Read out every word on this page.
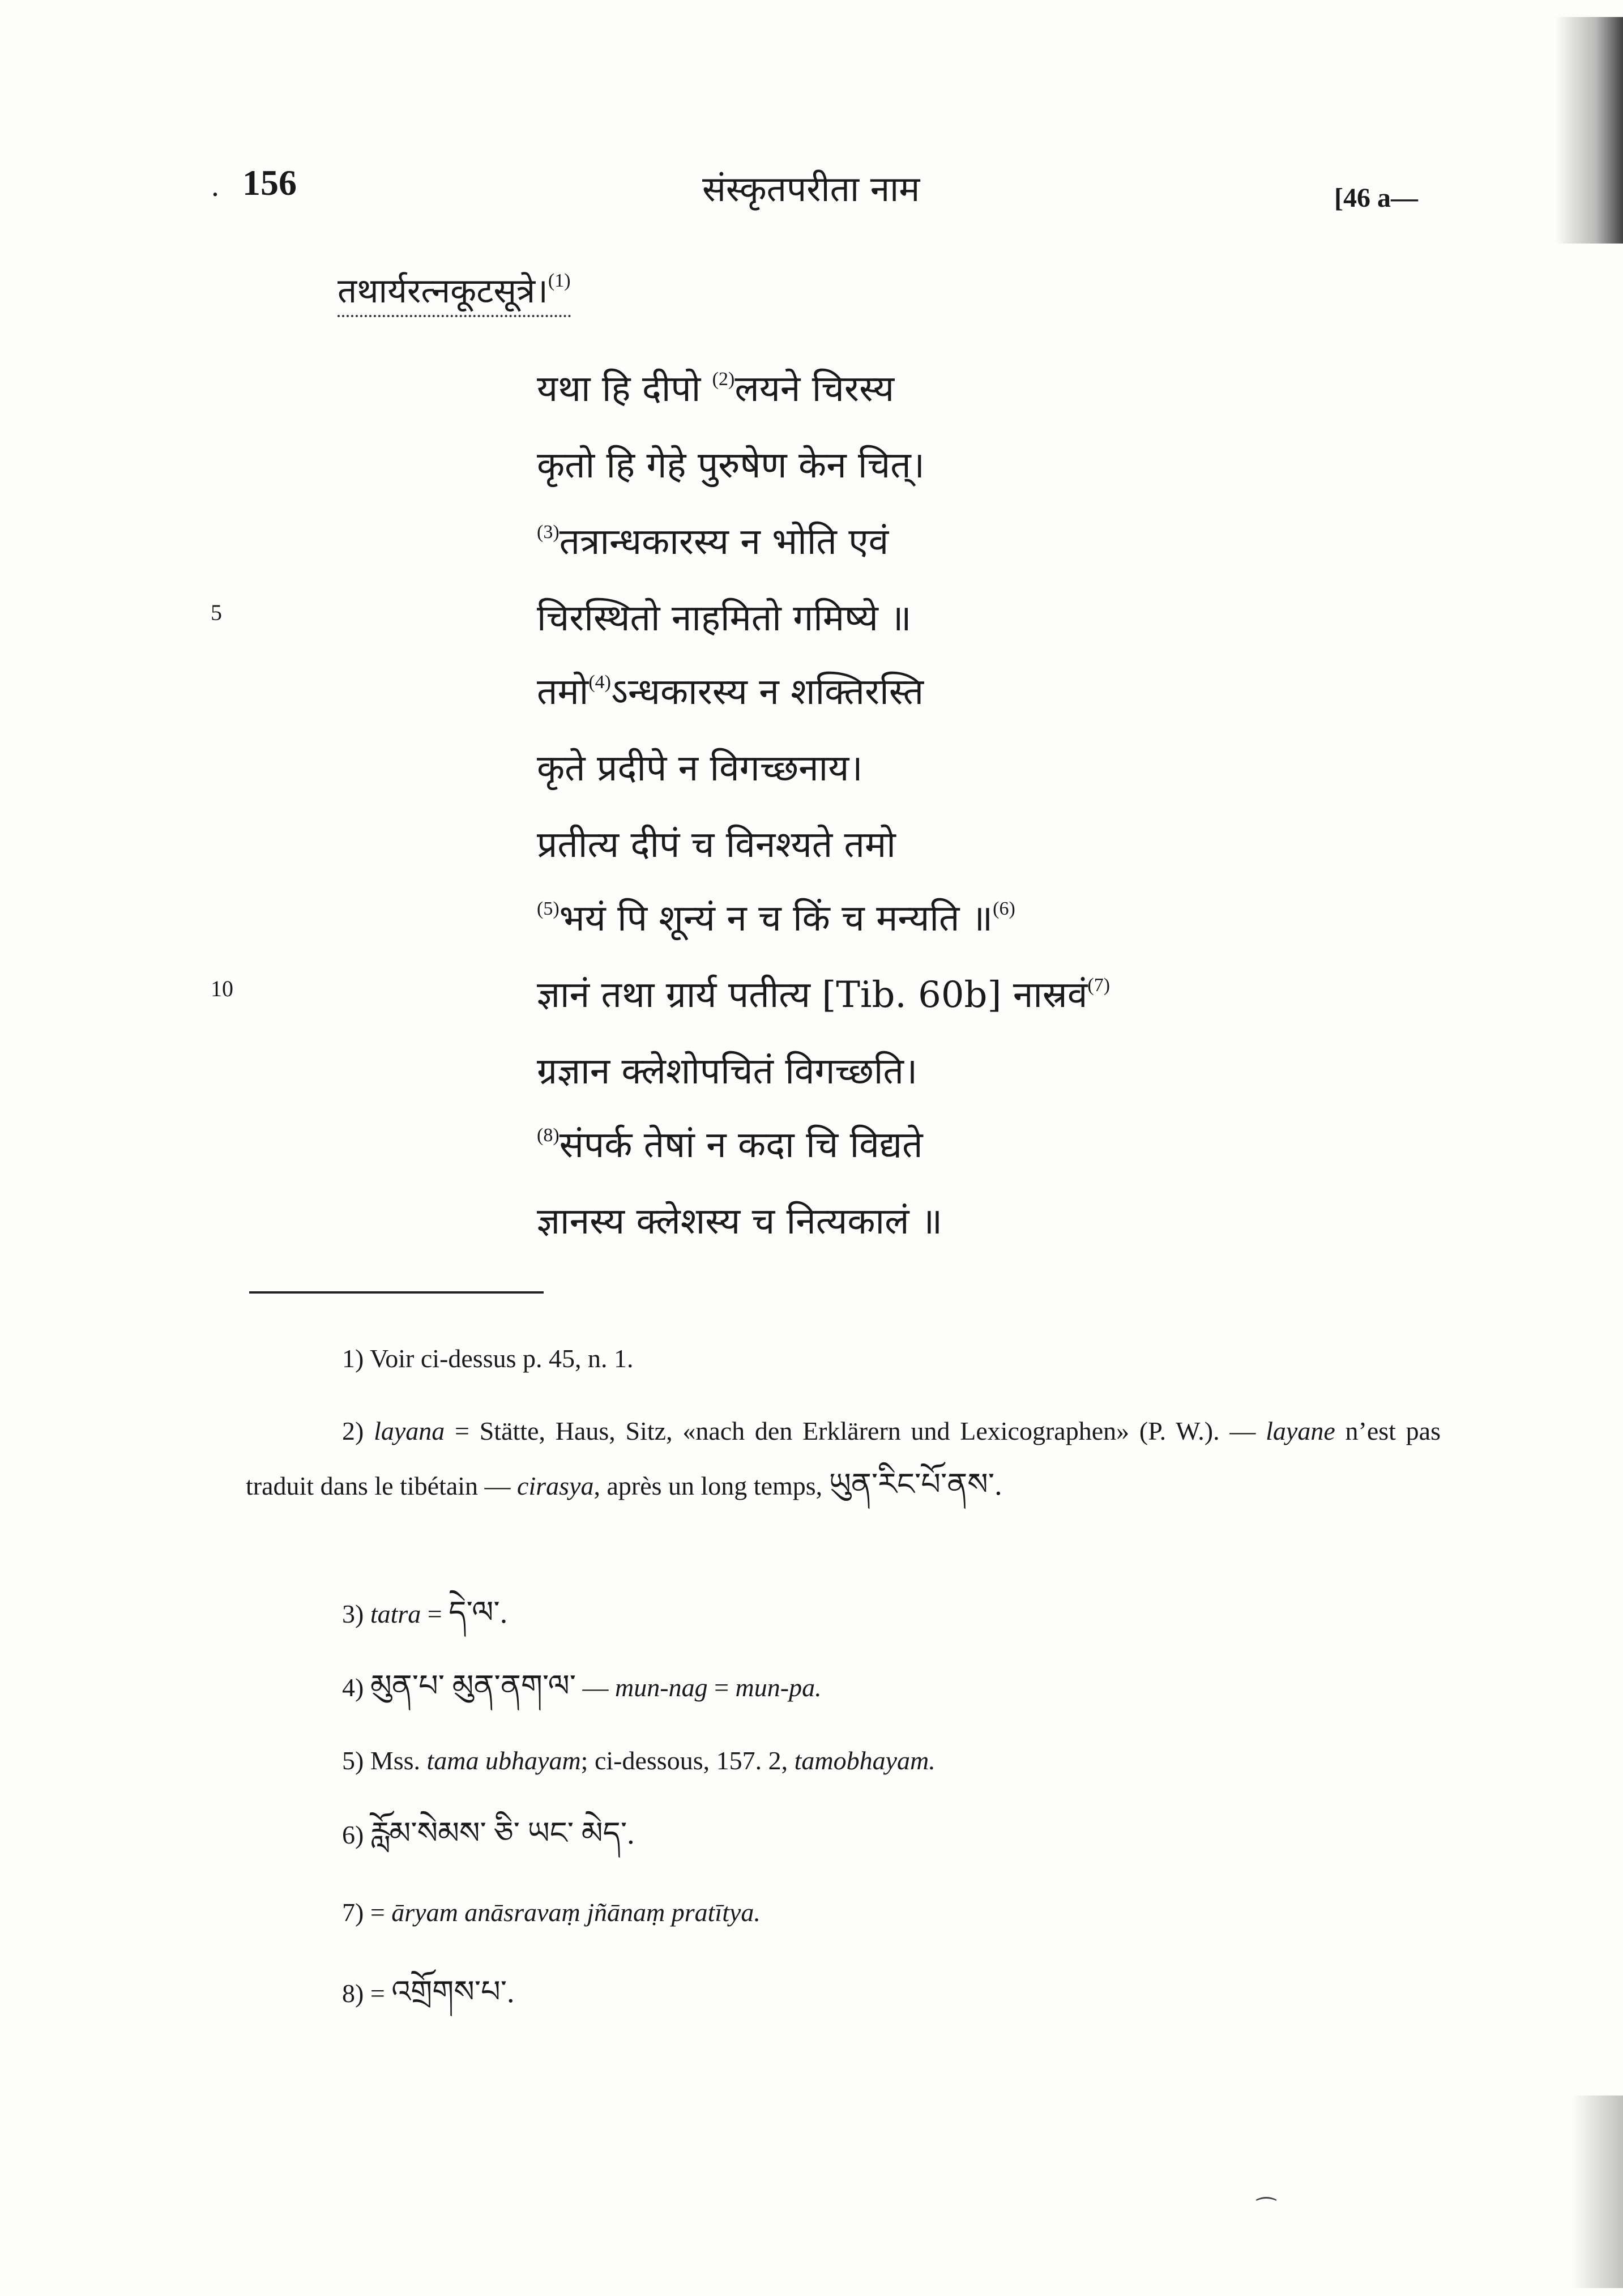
. 156	संस्कृतपरीता नाम	[46 a—
तथार्यरत्नकूटसूत्रे।$^{(1)}$
यथा हि दीपो $^{(2)}$लयने चिरस्य
कृतो हि गेहे पुरुषेण केन चित्।
$^{(3)}$तत्रान्धकारस्य न भोति एवं
5	चिरस्थितो नाहमितो गमिष्ये ॥
तमो$^{(4)}$ऽन्धकारस्य न शक्तिरस्ति
कृते प्रदीपे न विगच्छनाय।
प्रतीत्य दीपं च विनश्यते तमो
$^{(5)}$भयं पि शून्यं न च किं च मन्यति ॥$^{(6)}$
10	ज्ञानं तथा ग्रार्य पतीत्य [Tib. 60b] नास्रवं$^{(7)}$
ग्रज्ञान क्लेशोपचितं विगच्छति।
$^{(8)}$संपर्क तेषां न कदा चि विद्यते
ज्ञानस्य क्लेशस्य च नित्यकालं ॥
1) Voir ci-dessus p. 45, n. 1.
2) layana = Stätte, Haus, Sitz, «nach den Erklärern und Lexicographen» (P. W.). — layane n’est pas traduit dans le tibétain — cirasya, après un long temps, ཡུན་རིང་པོ་ནས་.
3) tatra = དེ་ལ་.
4) མུན་པ་ མུན་ནག་ལ་ — mun-nag = mun-pa.
5) Mss. tama ubhayam; ci-dessous, 157. 2, tamobhayam.
6) རློམ་སེམས་ ཅི་ ཡང་ མེད་.
7) = āryam anāsravaṃ jñānaṃ pratītya.
8) = འགྲོགས་པ་.
⁀
